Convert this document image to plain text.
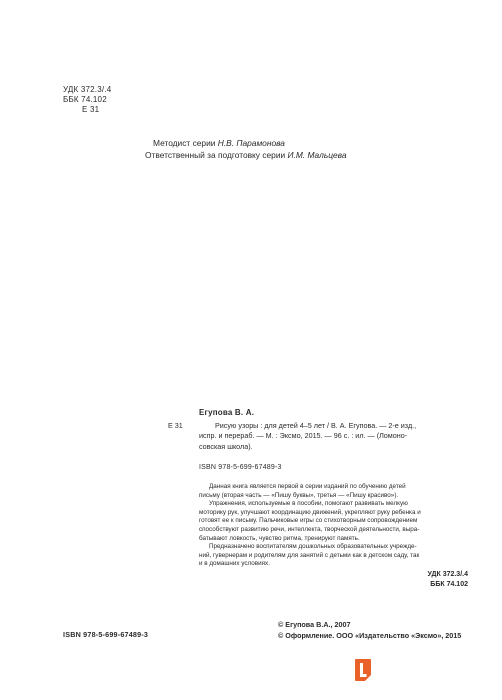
УДК 372.3/.4
ББК 74.102
Е 31
Методист серии Н.В. Парамонова
Ответственный за подготовку серии И.М. Мальцева
Егупова В. А.
Е 31	Рисую узоры : для детей 4–5 лет / В. А. Егупова. — 2-е изд.,
испр. и перераб. — М. : Эксмо, 2015. — 96 с. : ил. — (Ломоно-
совская школа).
ISBN 978-5-699-67489-3

Данная книга является первой в серии изданий по обучению детей

письму (вторая часть — «Пишу буквы», третья — «Пишу красиво»).

Упражнения, используемые в пособии, помогают развивать мелкую

моторику рук, улучшают координацию движений, укрепляют руку ребенка и
готовят ее к письму. Пальчиковые игры со стихотворным сопровождением
способствуют развитию речи, интеллекта, творческой деятельности, выра-
батывают ловкость, чувство ритма, тренируют память.

Предназначено воспитателям дошкольных образовательных учрежде-

ний, гувернерам и родителям для занятий с детьми как в детском саду, так
и в домашних условиях.
УДК 372.3/.4
ББК 74.102
ISBN 978-5-699-67489-3
© Егупова В.А., 2007
© Оформление. ООО «Издательство «Эксмо», 2015
